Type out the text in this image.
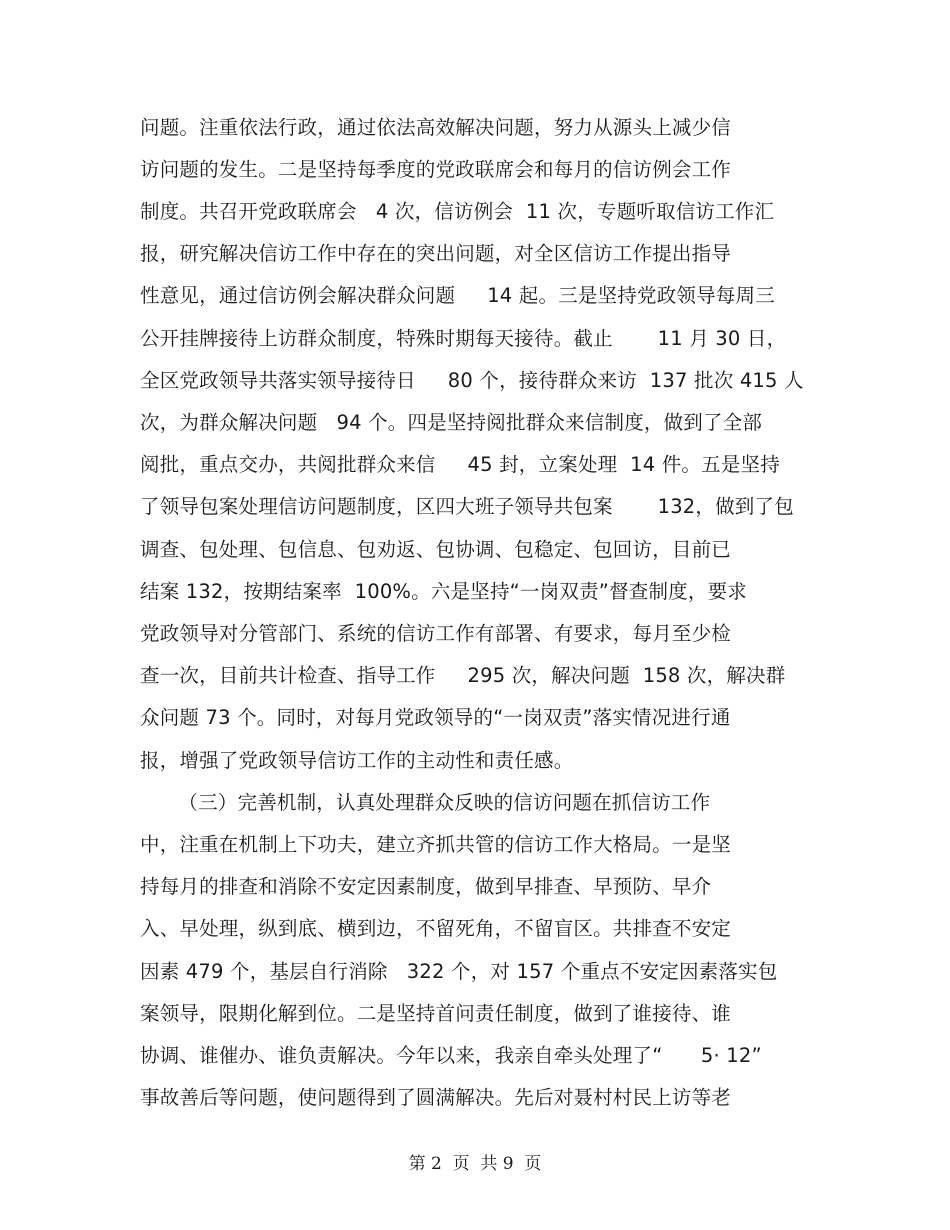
问题。注重依法行政，通过依法高效解决问题，努力从源头上减少信
访问题的发生。二是坚持每季度的党政联席会和每月的信访例会工作
制度。共召开党政联席会   4 次，信访例会  11 次，专题听取信访工作汇
报，研究解决信访工作中存在的突出问题，对全区信访工作提出指导
性意见，通过信访例会解决群众问题     14 起。三是坚持党政领导每周三
公开挂牌接待上访群众制度，特殊时期每天接待。截止       11 月 30 日，
全区党政领导共落实领导接待日     80 个，接待群众来访  137 批次 415 人
次，为群众解决问题   94 个。四是坚持阅批群众来信制度，做到了全部
阅批，重点交办，共阅批群众来信     45 封，立案处理  14 件。五是坚持
了领导包案处理信访问题制度，区四大班子领导共包案       132，做到了包
调查、包处理、包信息、包劝返、包协调、包稳定、包回访，目前已
结案 132，按期结案率  100%。六是坚持“一岗双责”督查制度，要求
党政领导对分管部门、系统的信访工作有部署、有要求，每月至少检
查一次，目前共计检查、指导工作     295 次，解决问题  158 次，解决群
众问题 73 个。同时，对每月党政领导的“一岗双责”落实情况进行通
报，增强了党政领导信访工作的主动性和责任感。
（三）完善机制，认真处理群众反映的信访问题在抓信访工作
中，注重在机制上下功夫，建立齐抓共管的信访工作大格局。一是坚
持每月的排查和消除不安定因素制度，做到早排查、早预防、早介
入、早处理，纵到底、横到边，不留死角，不留盲区。共排查不安定
因素 479 个，基层自行消除   322 个，对 157 个重点不安定因素落实包
案领导，限期化解到位。二是坚持首问责任制度，做到了谁接待、谁
协调、谁催办、谁负责解决。今年以来，我亲自牵头处理了“      5· 12”
事故善后等问题，使问题得到了圆满解决。先后对聂村村民上访等老
第 2  页  共 9  页
